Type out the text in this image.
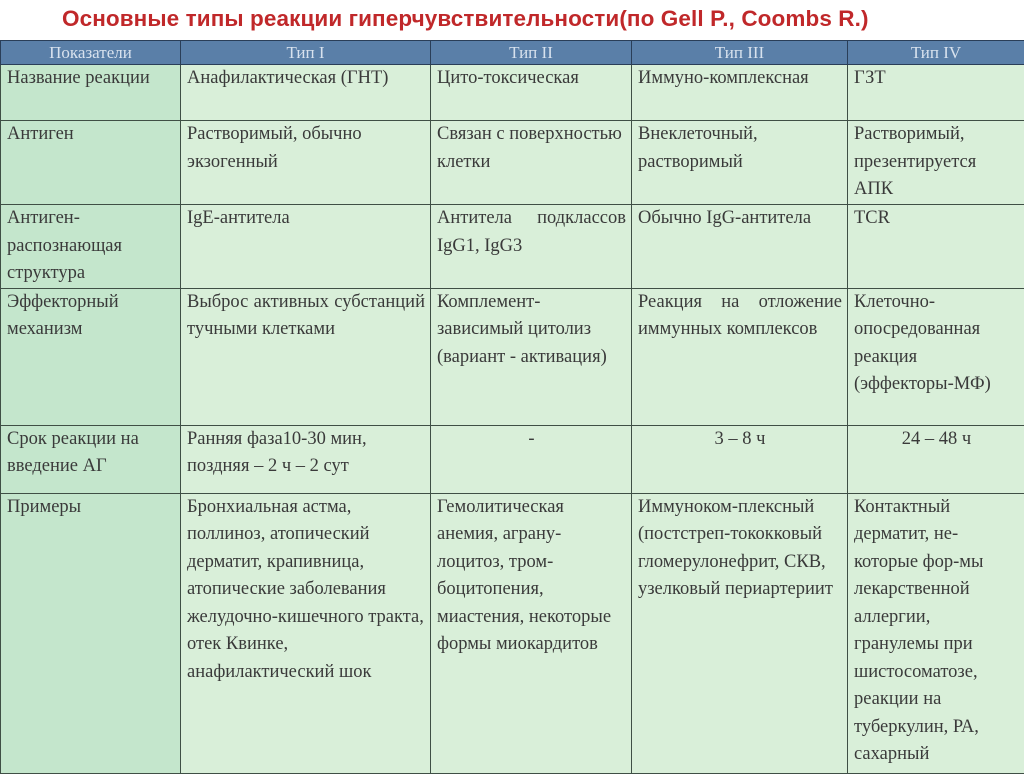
Основные типы реакции гиперчувствительности(по Gell P., Coombs R.)
Показатели	Тип I	Тип II	Тип III	Тип IV
Название реакции	Анафилактическая (ГНТ)	Цито-токсическая	Иммуно-комплексная	ГЗТ
Антиген	Растворимый, обычно экзогенный	Связан с поверхностью клетки	Внеклеточный, растворимый	Растворимый, презентируется АПК
Антиген-распознающая структура	IgE-антитела	Антитела подклассов IgG1, IgG3	Обычно IgG-антитела	TCR
Эффекторный механизм	Выброс активных субстанций тучными клетками	Комплемент-зависимый цитолиз (вариант - активация)	Реакция на отложение иммунных комплексов	Клеточно-опосредованная реакция (эффекторы-МФ)
Срок реакции на введение АГ	Ранняя фаза10-30 мин, поздняя – 2 ч – 2 сут	-	3 – 8 ч	24 – 48 ч
Примеры	Бронхиальная астма, поллиноз, атопический дерматит, крапивница, атопические заболевания желудочно-кишечного тракта, отек Квинке, анафилактический шок	Гемолитическая анемия, аграну-лоцитоз, тром-боцитопения, миастения, некоторые формы миокардитов	Иммуноком-плексный (постстреп-тококковый гломерулонефрит, СКВ, узелковый периартериит	Контактный дерматит, не-которые фор-мы лекарственной аллергии, гранулемы при шистосоматозе, реакции на туберкулин, РА, сахарный
